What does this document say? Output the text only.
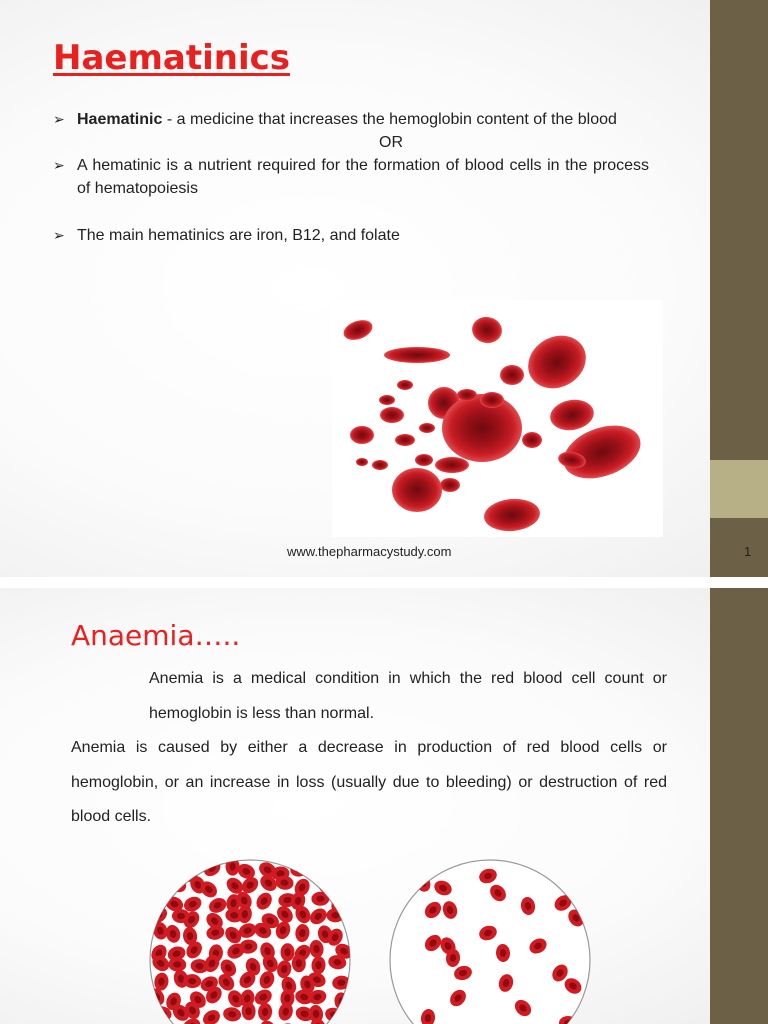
Haematinics
➢ Haematinic - a medicine that increases the hemoglobin content of the blood
OR
➢ A hematinic is a nutrient required for the formation of blood cells in the process of hematopoiesis
➢ The main hematinics are iron, B12, and folate
www.thepharmacystudy.com	1
Anaemia…..
Anemia is a medical condition in which the red blood cell count or hemoglobin is less than normal.
Anemia is caused by either a decrease in production of red blood cells or hemoglobin, or an increase in loss (usually due to bleeding) or destruction of red blood cells.
